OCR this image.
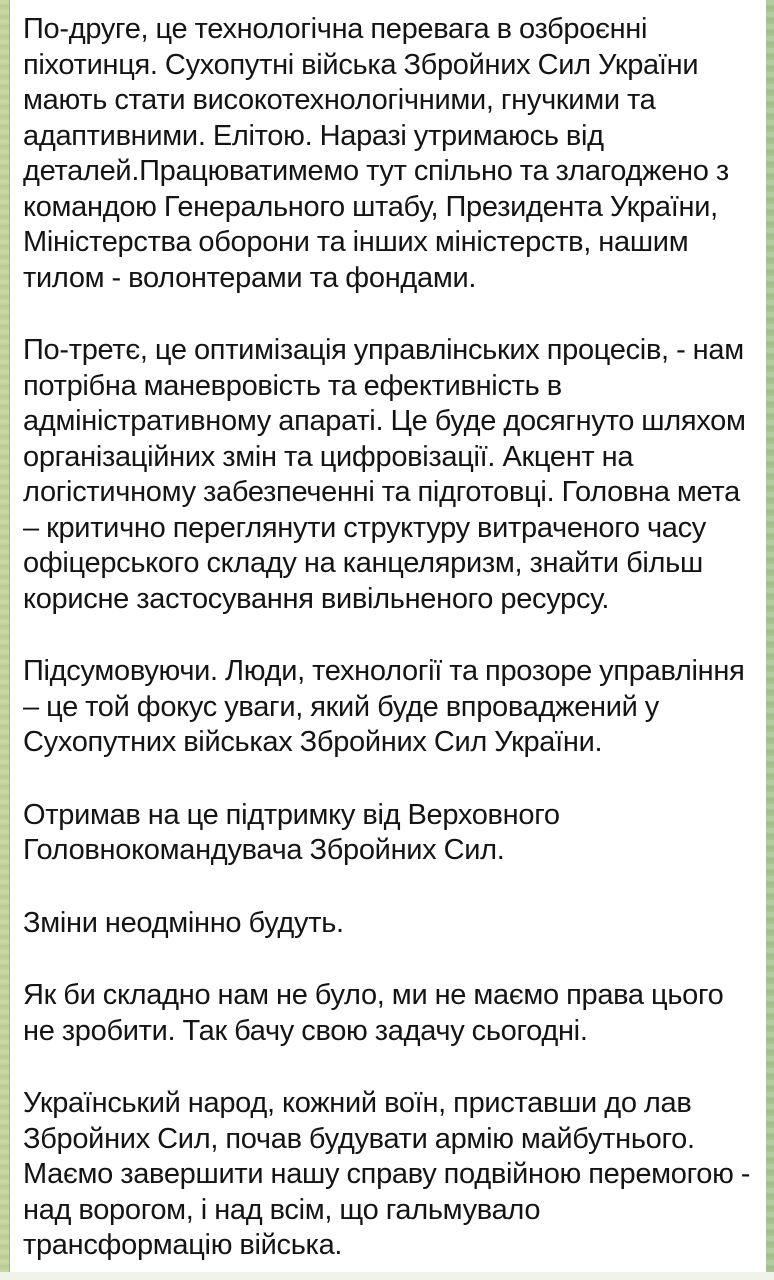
По-друге, це технологічна перевага в озброєнні піхотинця. Сухопутні війська Збройних Сил України мають стати високотехнологічними, гнучкими та адаптивними. Елітою. Наразі утримаюсь від деталей.Працюватимемо тут спільно та злагоджено з командою Генерального штабу, Президента України, Міністерства оборони та інших міністерств, нашим тилом - волонтерами та фондами.

По-третє, це оптимізація управлінських процесів, - нам потрібна маневровість та ефективність в адміністративному апараті. Це буде досягнуто шляхом організаційних змін та цифровізації. Акцент на логістичному забезпеченні та підготовці. Головна мета – критично переглянути структуру витраченого часу офіцерського складу на канцеляризм, знайти більш корисне застосування вивільненого ресурсу.

Підсумовуючи. Люди, технології та прозоре управління – це той фокус уваги, який буде впроваджений у Сухопутних військах Збройних Сил України.

Отримав на це підтримку від Верховного Головнокомандувача Збройних Сил.

Зміни неодмінно будуть.

Як би складно нам не було, ми не маємо права цього не зробити. Так бачу свою задачу сьогодні.

Український народ, кожний воїн, приставши до лав Збройних Сил, почав будувати армію майбутнього. Маємо завершити нашу справу подвійною перемогою - над ворогом, і над всім, що гальмувало трансформацію війська.
